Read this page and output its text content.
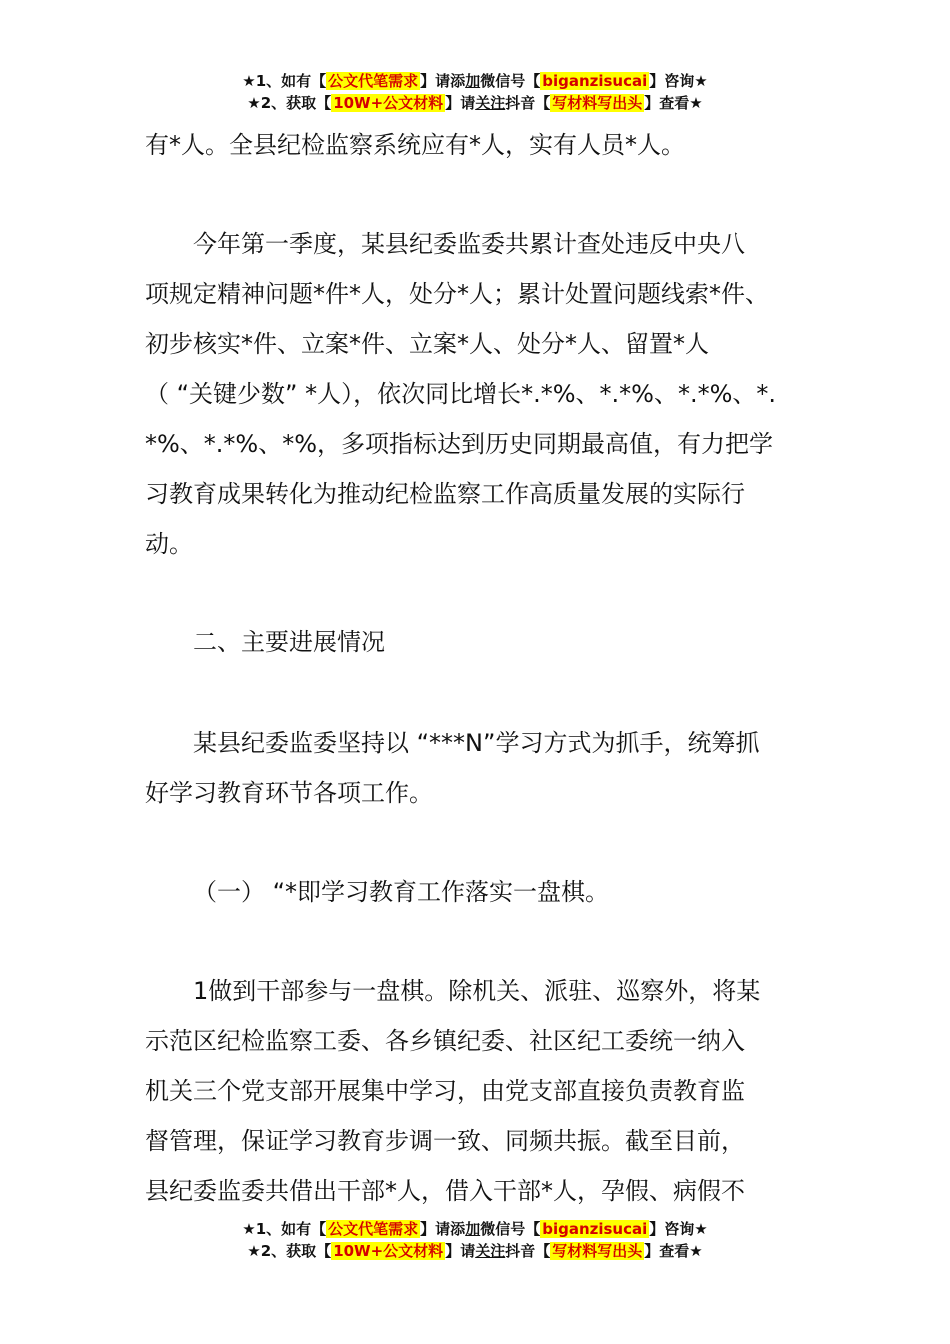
★1、如有【 公文代笔需求 】请添加微信号【 biganzisucai 】咨询★
★2、获取【 10W+公文材料 】请关注抖音【 写材料写出头 】查看★
有*人。全县纪检监察系统应有*人，实有人员*人。
今年第一季度，某县纪委监委共累计查处违反中央八
项规定精神问题*件*人，处分*人；累计处置问题线索*件、
初步核实*件、立案*件、立案*人、处分*人、留置*人
（ “关键少数” *人），依次同比增长*.*%、*.*%、*.*%、*.
*%、*.*%、*%，多项指标达到历史同期最高值，有力把学
习教育成果转化为推动纪检监察工作高质量发展的实际行
动。
二、主要进展情况
某县纪委监委坚持以 “***N”学习方式为抓手，统筹抓
好学习教育环节各项工作。
（一） “*即学习教育工作落实一盘棋。
1做到干部参与一盘棋。除机关、派驻、巡察外，将某
示范区纪检监察工委、各乡镇纪委、社区纪工委统一纳入
机关三个党支部开展集中学习，由党支部直接负责教育监
督管理，保证学习教育步调一致、同频共振。截至目前，
县纪委监委共借出干部*人，借入干部*人，孕假、病假不
★1、如有【 公文代笔需求 】请添加微信号【 biganzisucai 】咨询★
★2、获取【 10W+公文材料 】请关注抖音【 写材料写出头 】查看★
